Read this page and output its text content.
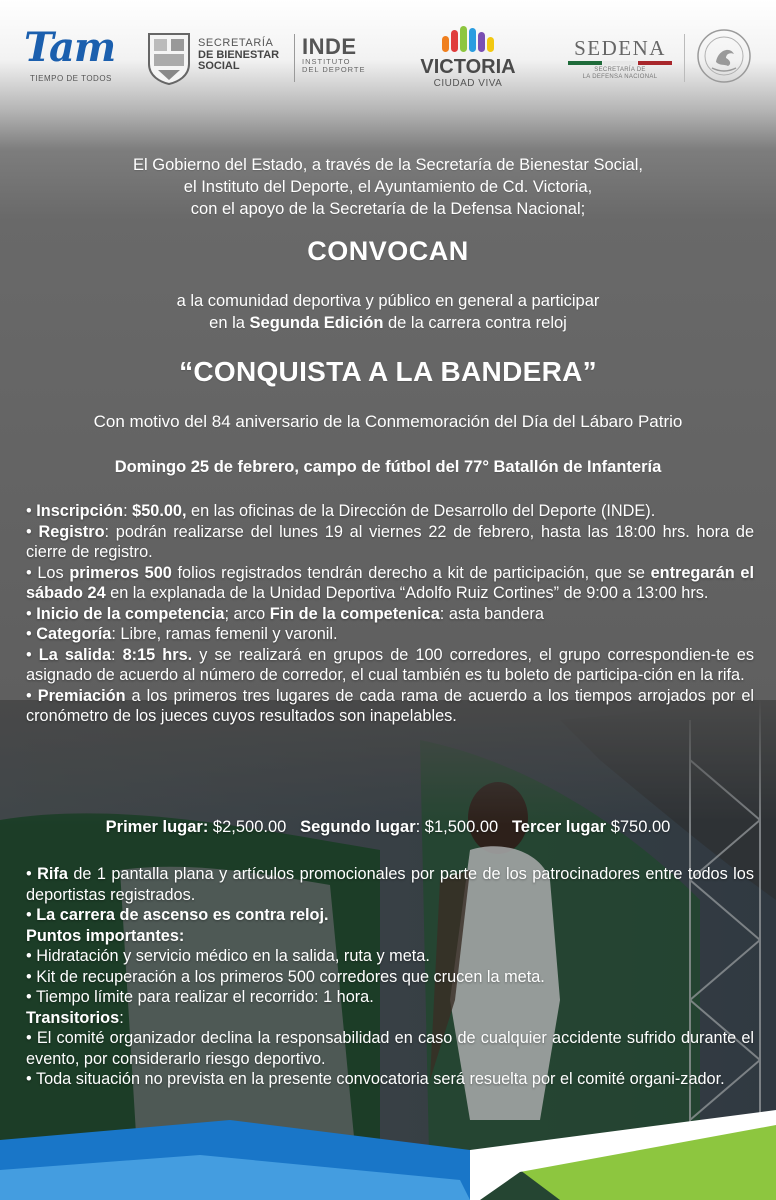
Tam
TIEMPO DE TODOS
SECRETARÍA
DE BIENESTAR
SOCIAL
INDE
INSTITUTO
DEL DEPORTE	VICTORIA
CIUDAD VIVA
SEDENA
SECRETARÍA DE
LA DEFENSA NACIONAL
El Gobierno del Estado, a través de la Secretaría de Bienestar Social,
el Instituto del Deporte, el Ayuntamiento de Cd. Victoria,
con el apoyo de la Secretaría de la Defensa Nacional;
CONVOCAN
a la comunidad deportiva y público en general a participar
en la Segunda Edición de la carrera contra reloj
“CONQUISTA A LA BANDERA”
Con motivo del 84 aniversario de la Conmemoración del Día del Lábaro Patrio
Domingo 25 de febrero, campo de fútbol del 77° Batallón de Infantería

• Inscripción: $50.00, en las oficinas de la Dirección de Desarrollo del Deporte (INDE).

• Registro: podrán realizarse del lunes 19 al viernes 22 de febrero, hasta las 18:00 hrs. hora de cierre de registro.

• Los primeros 500 folios registrados tendrán derecho a kit de participación, que se entregarán el sábado 24 en la explanada de la Unidad Deportiva “Adolfo Ruiz Cortines” de 9:00 a 13:00 hrs.

• Inicio de la competencia; arco Fin de la competenica: asta bandera

• Categoría: Libre, ramas femenil y varonil.

• La salida: 8:15 hrs. y se realizará en grupos de 100 corredores, el grupo correspondien-te es asignado de acuerdo al número de corredor, el cual también es tu boleto de participa-ción en la rifa.

• Premiación a los primeros tres lugares de cada rama de acuerdo a los tiempos arrojados por el cronómetro de los jueces cuyos resultados son inapelables.

Primer lugar: $2,500.00 Segundo lugar: $1,500.00 Tercer lugar $750.00

• Rifa de 1 pantalla plana y artículos promocionales por parte de los patrocinadores entre todos los deportistas registrados.

• La carrera de ascenso es contra reloj.

Puntos importantes:

• Hidratación y servicio médico en la salida, ruta y meta.

• Kit de recuperación a los primeros 500 corredores que crucen la meta.

• Tiempo límite para realizar el recorrido: 1 hora.

Transitorios:

• El comité organizador declina la responsabilidad en caso de cualquier accidente sufrido durante el evento, por considerarlo riesgo deportivo.

• Toda situación no prevista en la presente convocatoria será resuelta por el comité organi-zador.
